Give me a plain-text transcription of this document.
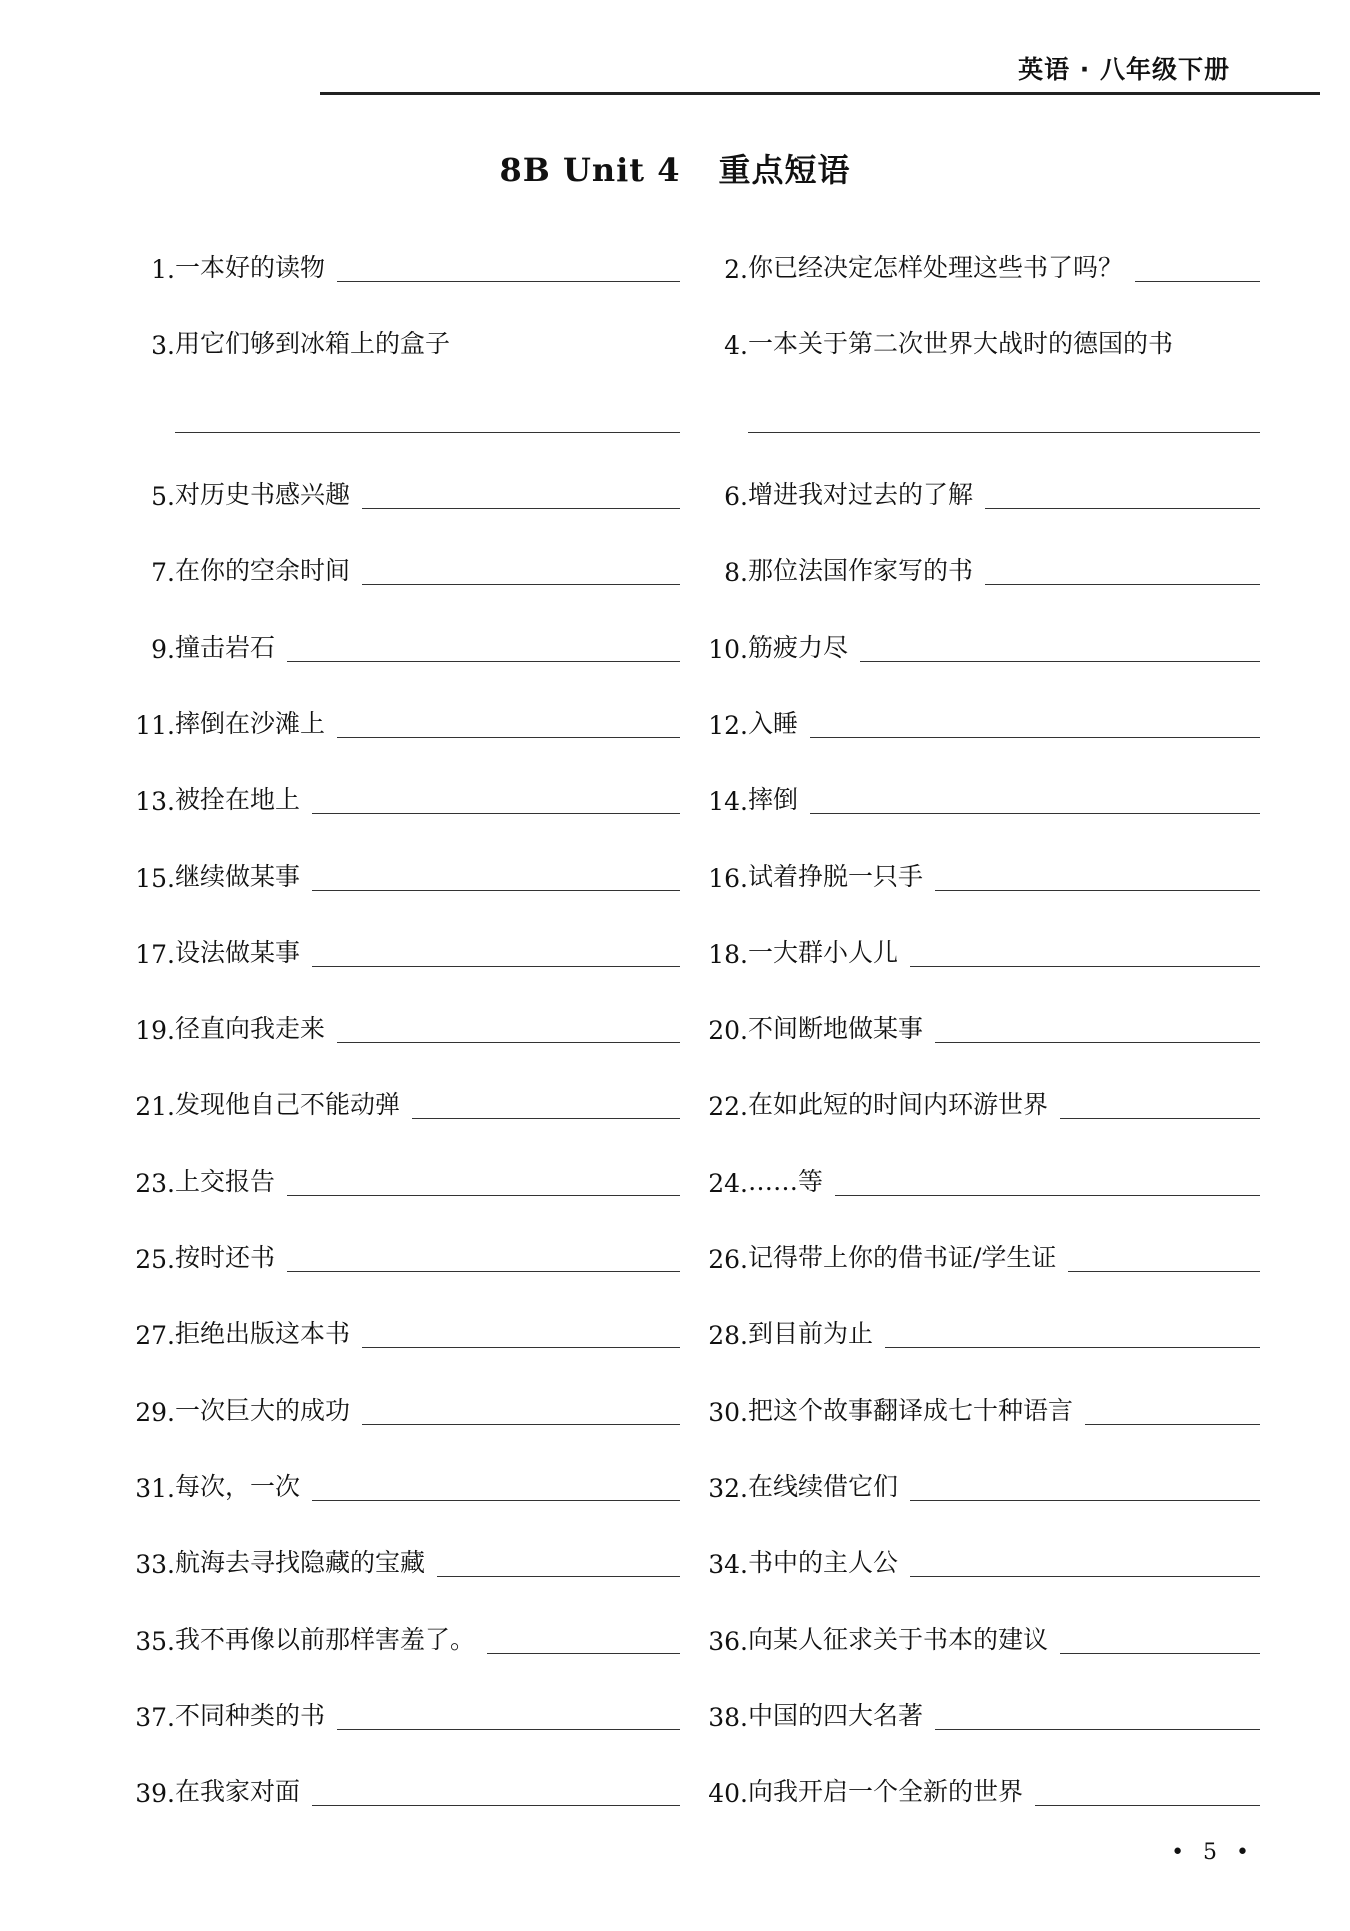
英语 · 八年级下册
8B Unit 4 重点短语
1. 一本好的读物	2. 你已经决定怎样处理这些书了吗？
3. 用它们够到冰箱上的盒子	4. 一本关于第二次世界大战时的德国的书
5. 对历史书感兴趣	6. 增进我对过去的了解
7. 在你的空余时间	8. 那位法国作家写的书
9. 撞击岩石	10. 筋疲力尽
11. 摔倒在沙滩上	12. 入睡
13. 被拴在地上	14. 摔倒
15. 继续做某事	16. 试着挣脱一只手
17. 设法做某事	18. 一大群小人儿
19. 径直向我走来	20. 不间断地做某事
21. 发现他自己不能动弹	22. 在如此短的时间内环游世界
23. 上交报告	24. ……等
25. 按时还书	26. 记得带上你的借书证/学生证
27. 拒绝出版这本书	28. 到目前为止
29. 一次巨大的成功	30. 把这个故事翻译成七十种语言
31. 每次，一次	32. 在线续借它们
33. 航海去寻找隐藏的宝藏	34. 书中的主人公
35. 我不再像以前那样害羞了。	36. 向某人征求关于书本的建议
37. 不同种类的书	38. 中国的四大名著
39. 在我家对面	40. 向我开启一个全新的世界
• 5 •
